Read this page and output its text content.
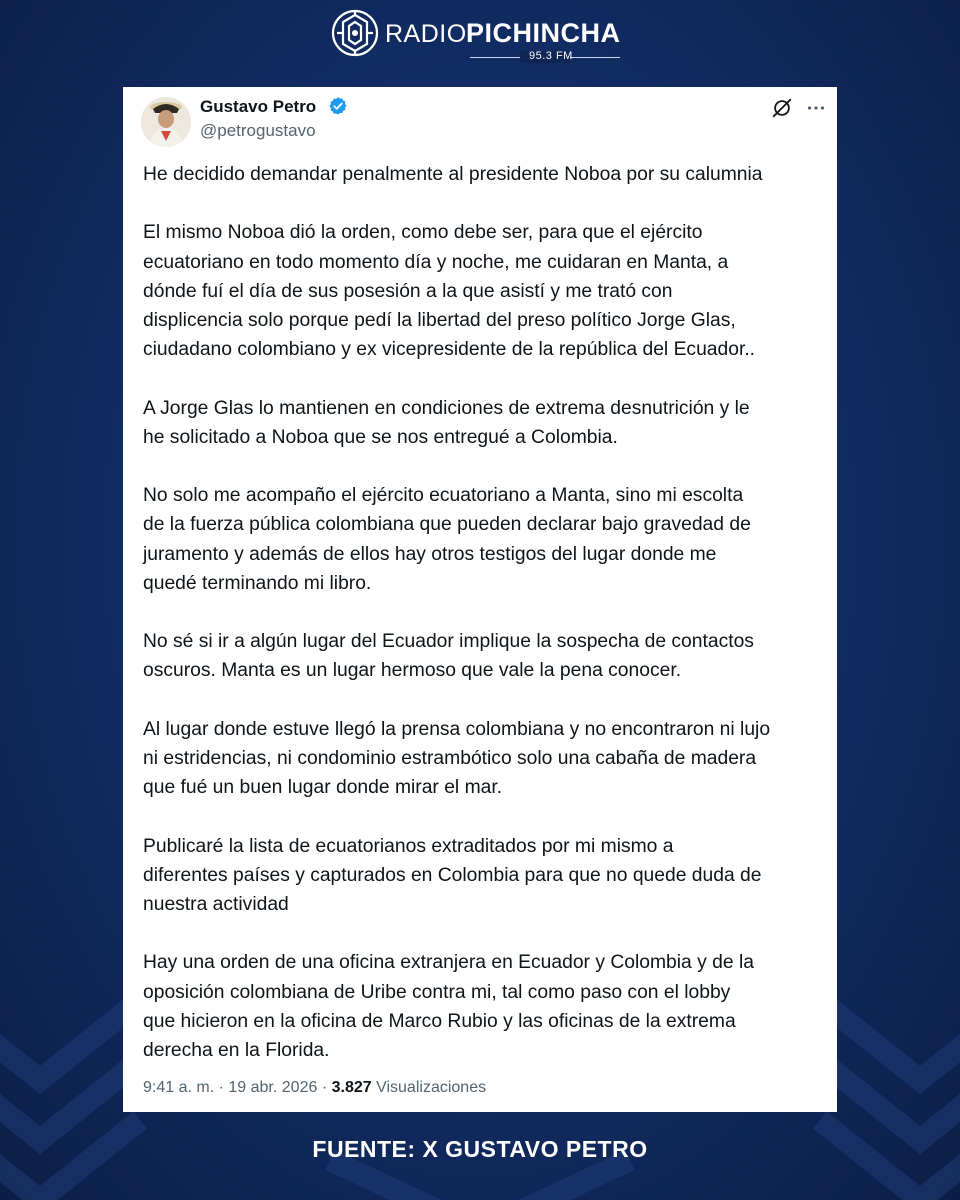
RADIO PICHINCHA
95.3 FM
Gustavo Petro
@petrogustavo

He decidido demandar penalmente al presidente Noboa por su calumnia

El mismo Noboa dió la orden, como debe ser, para que el ejército
ecuatoriano en todo momento día y noche, me cuidaran en Manta, a
dónde fuí el día de sus posesión a la que asistí y me trató con
displicencia solo porque pedí la libertad del preso político Jorge Glas,
ciudadano colombiano y ex vicepresidente de la república del Ecuador..

A Jorge Glas lo mantienen en condiciones de extrema desnutrición y le
he solicitado a Noboa que se nos entregué a Colombia.

No solo me acompaño el ejército ecuatoriano a Manta, sino mi escolta
de la fuerza pública colombiana que pueden declarar bajo gravedad de
juramento y además de ellos hay otros testigos del lugar donde me
quedé terminando mi libro.

No sé si ir a algún lugar del Ecuador implique la sospecha de contactos
oscuros. Manta es un lugar hermoso que vale la pena conocer.

Al lugar donde estuve llegó la prensa colombiana y no encontraron ni lujo
ni estridencias, ni condominio estrambótico solo una cabaña de madera
que fué un buen lugar donde mirar el mar.

Publicaré la lista de ecuatorianos extraditados por mi mismo a
diferentes países y capturados en Colombia para que no quede duda de
nuestra actividad

Hay una orden de una oficina extranjera en Ecuador y Colombia y de la
oposición colombiana de Uribe contra mi, tal como paso con el lobby
que hicieron en la oficina de Marco Rubio y las oficinas de la extrema
derecha en la Florida.

9:41 a. m. · 19 abr. 2026 · 3.827 Visualizaciones
FUENTE: X GUSTAVO PETRO
